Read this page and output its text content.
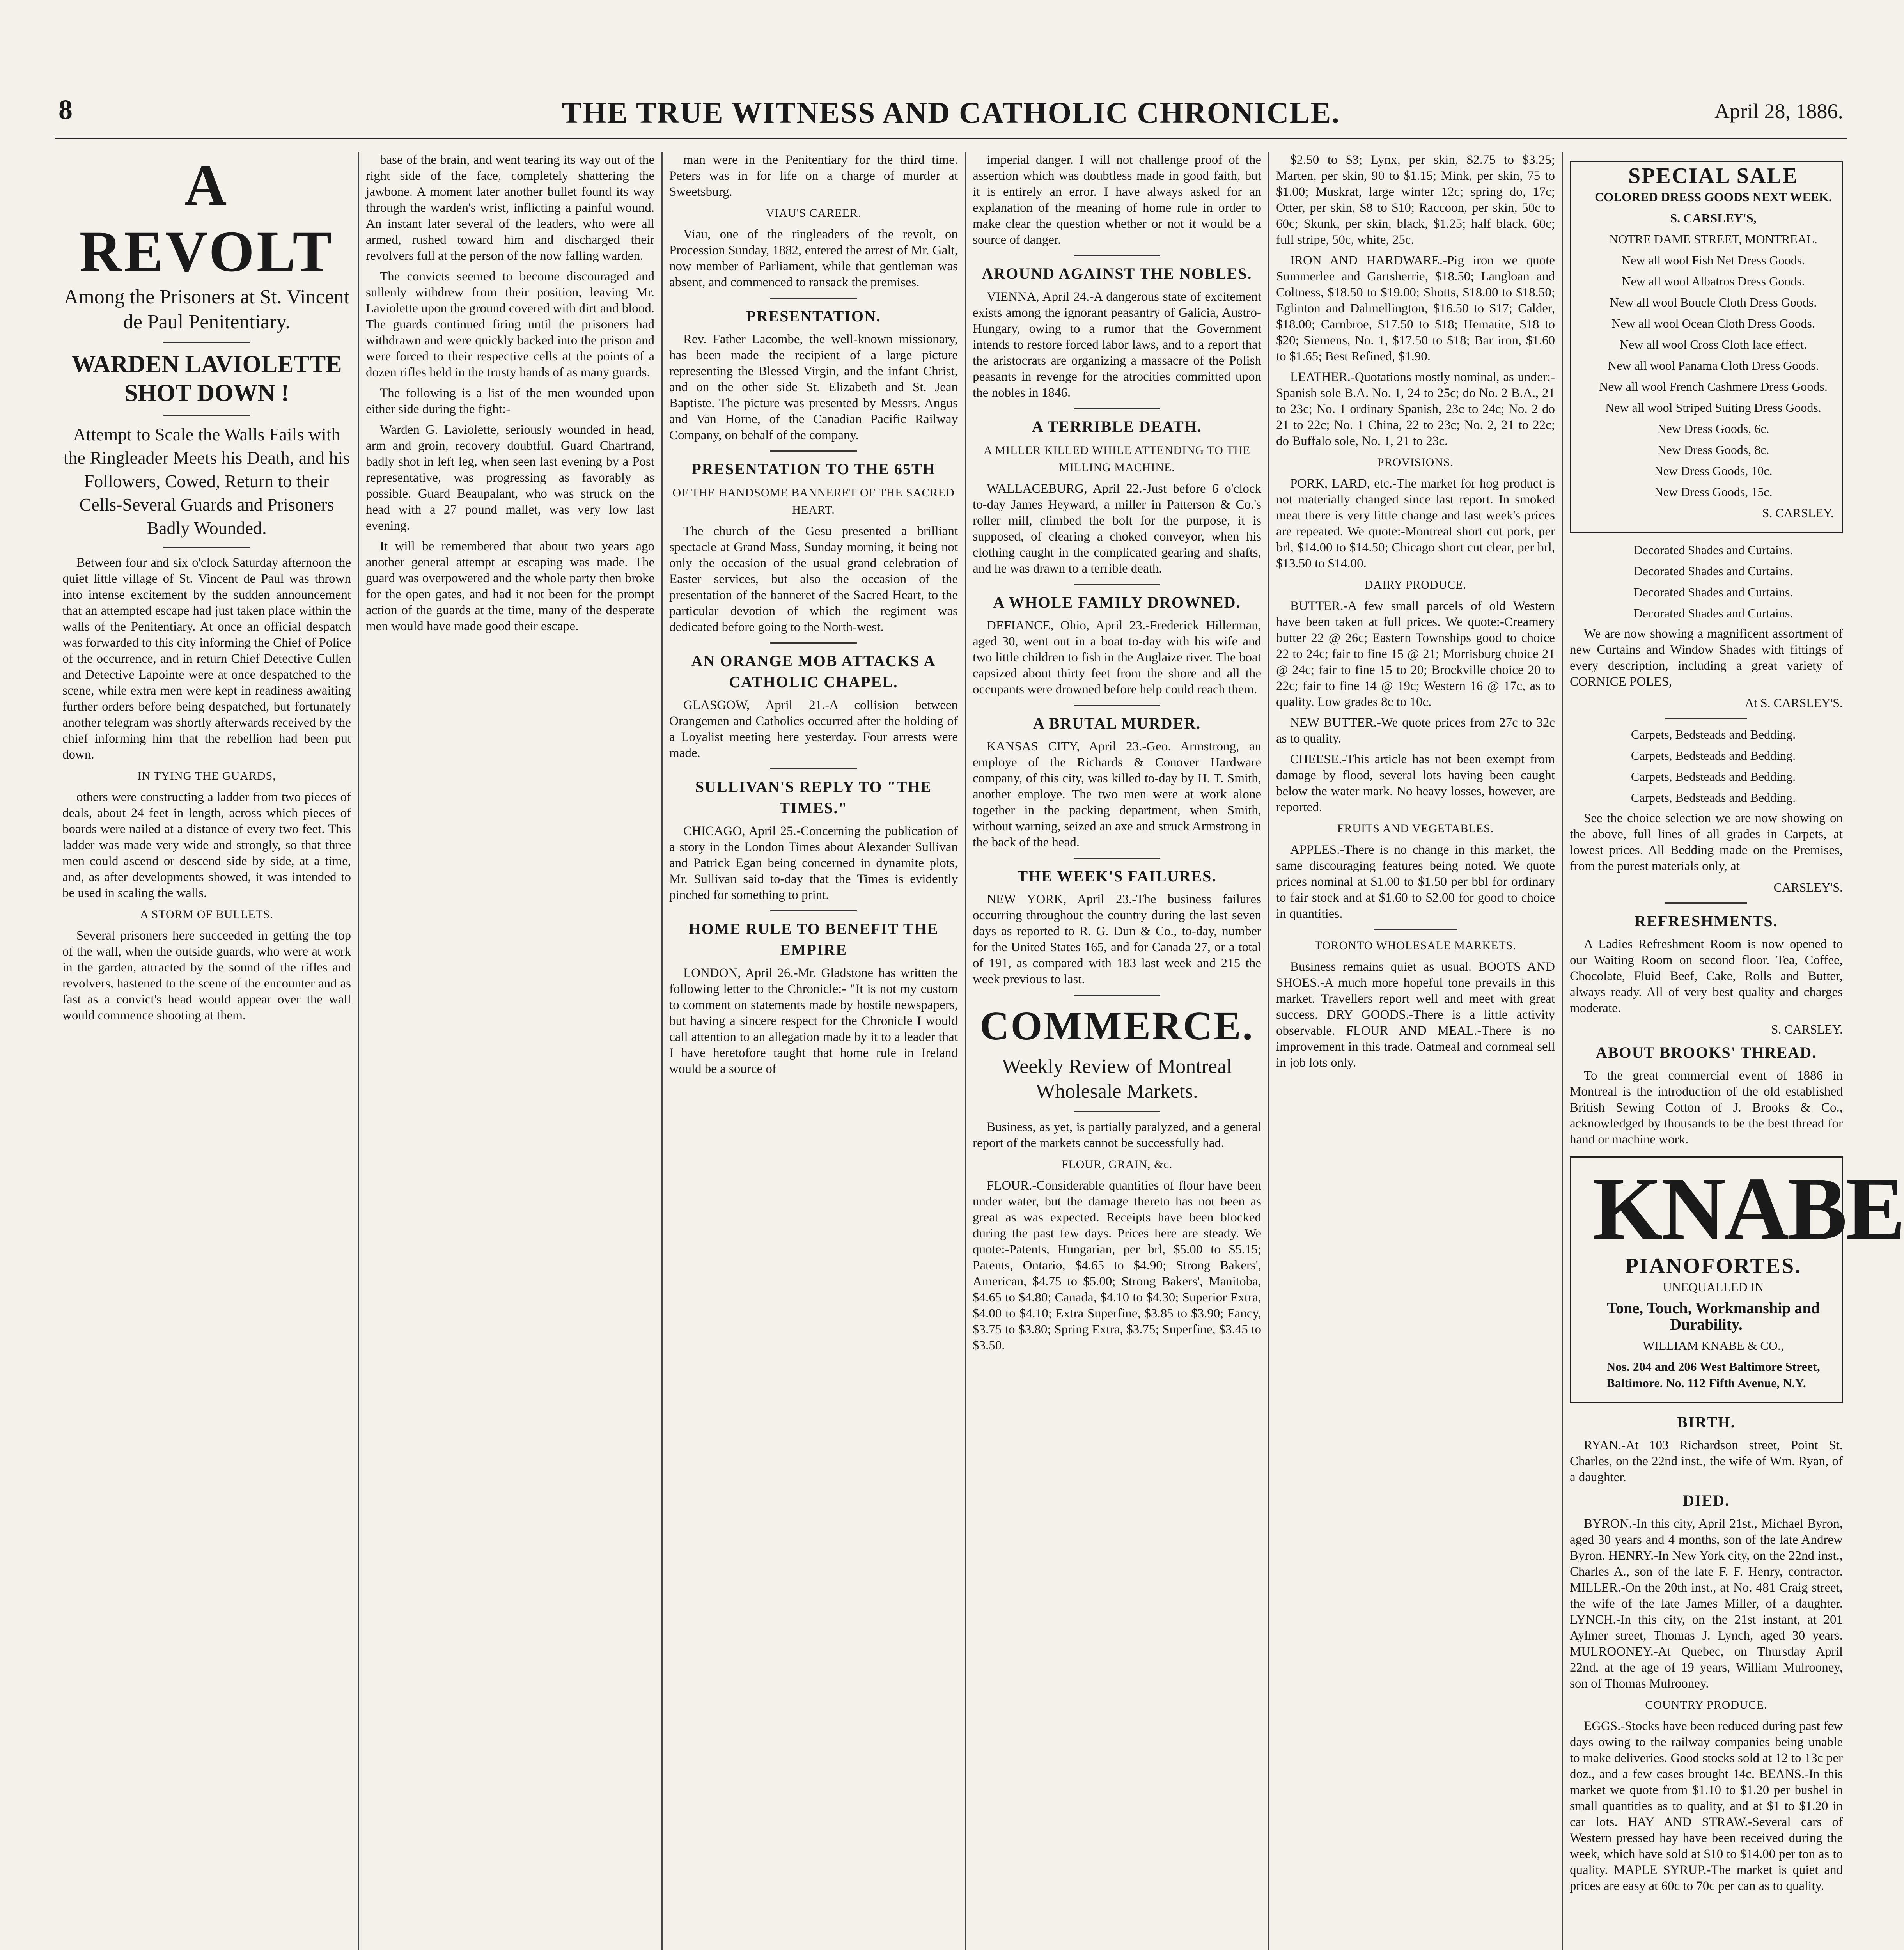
8	THE TRUE WITNESS AND CATHOLIC CHRONICLE.	April 28, 1886.
A REVOLT

Among the Prisoners at St. Vincent de Paul Penitentiary.

WARDEN LAVIOLETTE SHOT DOWN !

Attempt to Scale the Walls Fails with the Ringleader Meets his Death, and his Followers, Cowed, Return to their Cells-Several Guards and Prisoners Badly Wounded.

Between four and six o'clock Saturday afternoon the quiet little village of St. Vincent de Paul was thrown into intense excitement by the sudden announcement that an attempted escape had just taken place within the walls of the Penitentiary. At once an official despatch was forwarded to this city informing the Chief of Police of the occurrence, and in return Chief Detective Cullen and Detective Lapointe were at once despatched to the scene, while extra men were kept in readiness awaiting further orders before being despatched, but fortunately another telegram was shortly afterwards received by the chief informing him that the rebellion had been put down.

IN TYING THE GUARDS,

others were constructing a ladder from two pieces of deals, about 24 feet in length, across which pieces of boards were nailed at a distance of every two feet. This ladder was made very wide and strongly, so that three men could ascend or descend side by side, at a time, and, as after developments showed, it was intended to be used in scaling the walls.

A STORM OF BULLETS.

Several prisoners here succeeded in getting the top of the wall, when the outside guards, who were at work in the garden, attracted by the sound of the rifles and revolvers, hastened to the scene of the encounter and as fast as a convict's head would appear over the wall would commence shooting at them.

base of the brain, and went tearing its way out of the right side of the face, completely shattering the jawbone. A moment later another bullet found its way through the warden's wrist, inflicting a painful wound. An instant later several of the leaders, who were all armed, rushed toward him and discharged their revolvers full at the person of the now falling warden.

The convicts seemed to become discouraged and sullenly withdrew from their position, leaving Mr. Laviolette upon the ground covered with dirt and blood. The guards continued firing until the prisoners had withdrawn and were quickly backed into the prison and were forced to their respective cells at the points of a dozen rifles held in the trusty hands of as many guards.

The following is a list of the men wounded upon either side during the fight:-

Warden G. Laviolette, seriously wounded in head, arm and groin, recovery doubtful. Guard Chartrand, badly shot in left leg, when seen last evening by a Post representative, was progressing as favorably as possible. Guard Beaupalant, who was struck on the head with a 27 pound mallet, was very low last evening.

It will be remembered that about two years ago another general attempt at escaping was made. The guard was overpowered and the whole party then broke for the open gates, and had it not been for the prompt action of the guards at the time, many of the desperate men would have made good their escape.

man were in the Penitentiary for the third time. Peters was in for life on a charge of murder at Sweetsburg.

VIAU'S CAREER.

Viau, one of the ringleaders of the revolt, on Procession Sunday, 1882, entered the arrest of Mr. Galt, now member of Parliament, while that gentleman was absent, and commenced to ransack the premises.

PRESENTATION.

Rev. Father Lacombe, the well-known missionary, has been made the recipient of a large picture representing the Blessed Virgin, and the infant Christ, and on the other side St. Elizabeth and St. Jean Baptiste. The picture was presented by Messrs. Angus and Van Horne, of the Canadian Pacific Railway Company, on behalf of the company.

PRESENTATION TO THE 65TH

OF THE HANDSOME BANNERET OF THE SACRED HEART.

The church of the Gesu presented a brilliant spectacle at Grand Mass, Sunday morning, it being not only the occasion of the usual grand celebration of Easter services, but also the occasion of the presentation of the banneret of the Sacred Heart, to the particular devotion of which the regiment was dedicated before going to the North-west.

AN ORANGE MOB ATTACKS A CATHOLIC CHAPEL.

GLASGOW, April 21.-A collision between Orangemen and Catholics occurred after the holding of a Loyalist meeting here yesterday. Four arrests were made.

SULLIVAN'S REPLY TO "THE TIMES."

CHICAGO, April 25.-Concerning the publication of a story in the London Times about Alexander Sullivan and Patrick Egan being concerned in dynamite plots, Mr. Sullivan said to-day that the Times is evidently pinched for something to print.

HOME RULE TO BENEFIT THE EMPIRE

LONDON, April 26.-Mr. Gladstone has written the following letter to the Chronicle:- "It is not my custom to comment on statements made by hostile newspapers, but having a sincere respect for the Chronicle I would call attention to an allegation made by it to a leader that I have heretofore taught that home rule in Ireland would be a source of

imperial danger. I will not challenge proof of the assertion which was doubtless made in good faith, but it is entirely an error. I have always asked for an explanation of the meaning of home rule in order to make clear the question whether or not it would be a source of danger.

AROUND AGAINST THE NOBLES.

VIENNA, April 24.-A dangerous state of excitement exists among the ignorant peasantry of Galicia, Austro-Hungary, owing to a rumor that the Government intends to restore forced labor laws, and to a report that the aristocrats are organizing a massacre of the Polish peasants in revenge for the atrocities committed upon the nobles in 1846.

A TERRIBLE DEATH.

A MILLER KILLED WHILE ATTENDING TO THE MILLING MACHINE.

WALLACEBURG, April 22.-Just before 6 o'clock to-day James Heyward, a miller in Patterson & Co.'s roller mill, climbed the bolt for the purpose, it is supposed, of clearing a choked conveyor, when his clothing caught in the complicated gearing and shafts, and he was drawn to a terrible death.

A WHOLE FAMILY DROWNED.

DEFIANCE, Ohio, April 23.-Frederick Hillerman, aged 30, went out in a boat to-day with his wife and two little children to fish in the Auglaize river. The boat capsized about thirty feet from the shore and all the occupants were drowned before help could reach them.

A BRUTAL MURDER.

KANSAS CITY, April 23.-Geo. Armstrong, an employe of the Richards & Conover Hardware company, of this city, was killed to-day by H. T. Smith, another employe. The two men were at work alone together in the packing department, when Smith, without warning, seized an axe and struck Armstrong in the back of the head.

THE WEEK'S FAILURES.

NEW YORK, April 23.-The business failures occurring throughout the country during the last seven days as reported to R. G. Dun & Co., to-day, number for the United States 165, and for Canada 27, or a total of 191, as compared with 183 last week and 215 the week previous to last.

COMMERCE.

Weekly Review of Montreal Wholesale Markets.

Business, as yet, is partially paralyzed, and a general report of the markets cannot be successfully had.

FLOUR, GRAIN, &c.

FLOUR.-Considerable quantities of flour have been under water, but the damage thereto has not been as great as was expected. Receipts have been blocked during the past few days. Prices here are steady. We quote:-Patents, Hungarian, per brl, $5.00 to $5.15; Patents, Ontario, $4.65 to $4.90; Strong Bakers', American, $4.75 to $5.00; Strong Bakers', Manitoba, $4.65 to $4.80; Canada, $4.10 to $4.30; Superior Extra, $4.00 to $4.10; Extra Superfine, $3.85 to $3.90; Fancy, $3.75 to $3.80; Spring Extra, $3.75; Superfine, $3.45 to $3.50.

$2.50 to $3; Lynx, per skin, $2.75 to $3.25; Marten, per skin, 90 to $1.15; Mink, per skin, 75 to $1.00; Muskrat, large winter 12c; spring do, 17c; Otter, per skin, $8 to $10; Raccoon, per skin, 50c to 60c; Skunk, per skin, black, $1.25; half black, 60c; full stripe, 50c, white, 25c.

IRON AND HARDWARE.-Pig iron we quote Summerlee and Gartsherrie, $18.50; Langloan and Coltness, $18.50 to $19.00; Shotts, $18.00 to $18.50; Eglinton and Dalmellington, $16.50 to $17; Calder, $18.00; Carnbroe, $17.50 to $18; Hematite, $18 to $20; Siemens, No. 1, $17.50 to $18; Bar iron, $1.60 to $1.65; Best Refined, $1.90.

LEATHER.-Quotations mostly nominal, as under:-Spanish sole B.A. No. 1, 24 to 25c; do No. 2 B.A., 21 to 23c; No. 1 ordinary Spanish, 23c to 24c; No. 2 do 21 to 22c; No. 1 China, 22 to 23c; No. 2, 21 to 22c; do Buffalo sole, No. 1, 21 to 23c.

PROVISIONS.

PORK, LARD, etc.-The market for hog product is not materially changed since last report. In smoked meat there is very little change and last week's prices are repeated. We quote:-Montreal short cut pork, per brl, $14.00 to $14.50; Chicago short cut clear, per brl, $13.50 to $14.00.

DAIRY PRODUCE.

BUTTER.-A few small parcels of old Western have been taken at full prices. We quote:-Creamery butter 22 @ 26c; Eastern Townships good to choice 22 to 24c; fair to fine 15 @ 21; Morrisburg choice 21 @ 24c; fair to fine 15 to 20; Brockville choice 20 to 22c; fair to fine 14 @ 19c; Western 16 @ 17c, as to quality. Low grades 8c to 10c.

NEW BUTTER.-We quote prices from 27c to 32c as to quality.

CHEESE.-This article has not been exempt from damage by flood, several lots having been caught below the water mark. No heavy losses, however, are reported.

FRUITS AND VEGETABLES.

APPLES.-There is no change in this market, the same discouraging features being noted. We quote prices nominal at $1.00 to $1.50 per bbl for ordinary to fair stock and at $1.60 to $2.00 for good to choice in quantities.

TORONTO WHOLESALE MARKETS.

Business remains quiet as usual. BOOTS AND SHOES.-A much more hopeful tone prevails in this market. Travellers report well and meet with great success. DRY GOODS.-There is a little activity observable. FLOUR AND MEAL.-There is no improvement in this trade. Oatmeal and cornmeal sell in job lots only.

SPECIAL SALE

COLORED DRESS GOODS NEXT WEEK.

S. CARSLEY'S,

NOTRE DAME STREET, MONTREAL.

New all wool Fish Net Dress Goods.

New all wool Albatros Dress Goods.

New all wool Boucle Cloth Dress Goods.

New all wool Ocean Cloth Dress Goods.

New all wool Cross Cloth lace effect.

New all wool Panama Cloth Dress Goods.

New all wool French Cashmere Dress Goods.

New all wool Striped Suiting Dress Goods.

New Dress Goods, 6c.

New Dress Goods, 8c.

New Dress Goods, 10c.

New Dress Goods, 15c.

S. CARSLEY.

Decorated Shades and Curtains.

Decorated Shades and Curtains.

Decorated Shades and Curtains.

Decorated Shades and Curtains.

We are now showing a magnificent assortment of new Curtains and Window Shades with fittings of every description, including a great variety of CORNICE POLES,

At S. CARSLEY'S.

Carpets, Bedsteads and Bedding.

Carpets, Bedsteads and Bedding.

Carpets, Bedsteads and Bedding.

Carpets, Bedsteads and Bedding.

See the choice selection we are now showing on the above, full lines of all grades in Carpets, at lowest prices. All Bedding made on the Premises, from the purest materials only, at

CARSLEY'S.

REFRESHMENTS.

A Ladies Refreshment Room is now opened to our Waiting Room on second floor. Tea, Coffee, Chocolate, Fluid Beef, Cake, Rolls and Butter, always ready. All of very best quality and charges moderate.

S. CARSLEY.

ABOUT BROOKS' THREAD.

To the great commercial event of 1886 in Montreal is the introduction of the old established British Sewing Cotton of J. Brooks & Co., acknowledged by thousands to be the best thread for hand or machine work.

KNABE

PIANOFORTES.

UNEQUALLED IN

Tone, Touch, Workmanship and Durability.

WILLIAM KNABE & CO.,

Nos. 204 and 206 West Baltimore Street, Baltimore. No. 112 Fifth Avenue, N.Y.

BIRTH.

RYAN.-At 103 Richardson street, Point St. Charles, on the 22nd inst., the wife of Wm. Ryan, of a daughter.

DIED.

BYRON.-In this city, April 21st., Michael Byron, aged 30 years and 4 months, son of the late Andrew Byron. HENRY.-In New York city, on the 22nd inst., Charles A., son of the late F. F. Henry, contractor. MILLER.-On the 20th inst., at No. 481 Craig street, the wife of the late James Miller, of a daughter. LYNCH.-In this city, on the 21st instant, at 201 Aylmer street, Thomas J. Lynch, aged 30 years. MULROONEY.-At Quebec, on Thursday April 22nd, at the age of 19 years, William Mulrooney, son of Thomas Mulrooney.

COUNTRY PRODUCE.

EGGS.-Stocks have been reduced during past few days owing to the railway companies being unable to make deliveries. Good stocks sold at 12 to 13c per doz., and a few cases brought 14c. BEANS.-In this market we quote from $1.10 to $1.20 per bushel in small quantities as to quality, and at $1 to $1.20 in car lots. HAY AND STRAW.-Several cars of Western pressed hay have been received during the week, which have sold at $10 to $14.00 per ton as to quality. MAPLE SYRUP.-The market is quiet and prices are easy at 60c to 70c per can as to quality.
